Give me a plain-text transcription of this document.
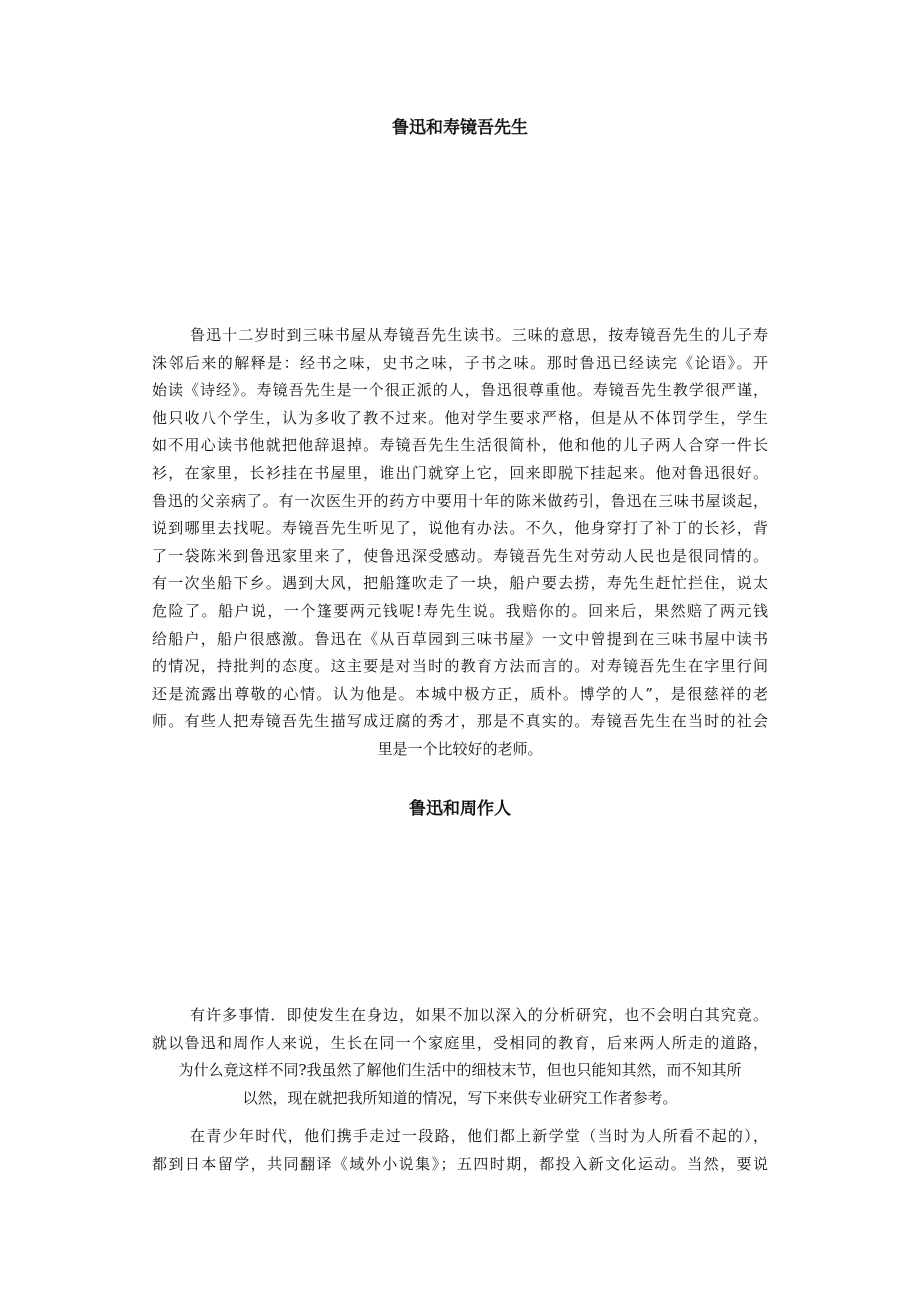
鲁迅和寿镜吾先生
鲁迅十二岁时到三味书屋从寿镜吾先生读书。三味的意思，按寿镜吾先生的儿子寿
洙邻后来的解释是：经书之味，史书之味，子书之味。那时鲁迅已经读完《论语》。开
始读《诗经》。寿镜吾先生是一个很正派的人，鲁迅很尊重他。寿镜吾先生教学很严谨，
他只收八个学生，认为多收了教不过来。他对学生要求严格，但是从不体罚学生，学生
如不用心读书他就把他辞退掉。寿镜吾先生生活很简朴，他和他的儿子两人合穿一件长
衫，在家里，长衫挂在书屋里，谁出门就穿上它，回来即脱下挂起来。他对鲁迅很好。
鲁迅的父亲病了。有一次医生开的药方中要用十年的陈米做药引，鲁迅在三味书屋谈起，
说到哪里去找呢。寿镜吾先生听见了，说他有办法。不久，他身穿打了补丁的长衫，背
了一袋陈米到鲁迅家里来了，使鲁迅深受感动。寿镜吾先生对劳动人民也是很同情的。
有一次坐船下乡。遇到大风，把船篷吹走了一块，船户要去捞，寿先生赶忙拦住，说太
危险了。船户说，一个篷要两元钱呢!寿先生说。我赔你的。回来后，果然赔了两元钱
给船户，船户很感激。鲁迅在《从百草园到三味书屋》一文中曾提到在三味书屋中读书
的情况，持批判的态度。这主要是对当时的教育方法而言的。对寿镜吾先生在字里行间
还是流露出尊敬的心情。认为他是。本城中极方正，质朴。博学的人”，是很慈祥的老
师。有些人把寿镜吾先生描写成迂腐的秀才，那是不真实的。寿镜吾先生在当时的社会
里是一个比较好的老师。
鲁迅和周作人
有许多事情．即使发生在身边，如果不加以深入的分析研究，也不会明白其究竟。
就以鲁迅和周作人来说，生长在同一个家庭里，受相同的教育，后来两人所走的道路，
为什么竟这样不同?我虽然了解他们生活中的细枝末节，但也只能知其然，而不知其所
以然，现在就把我所知道的情况，写下来供专业研究工作者参考。
在青少年时代，他们携手走过一段路，他们都上新学堂（当时为人所看不起的），
都到日本留学，共同翻译《域外小说集》；五四时期，都投入新文化运动。当然，要说
